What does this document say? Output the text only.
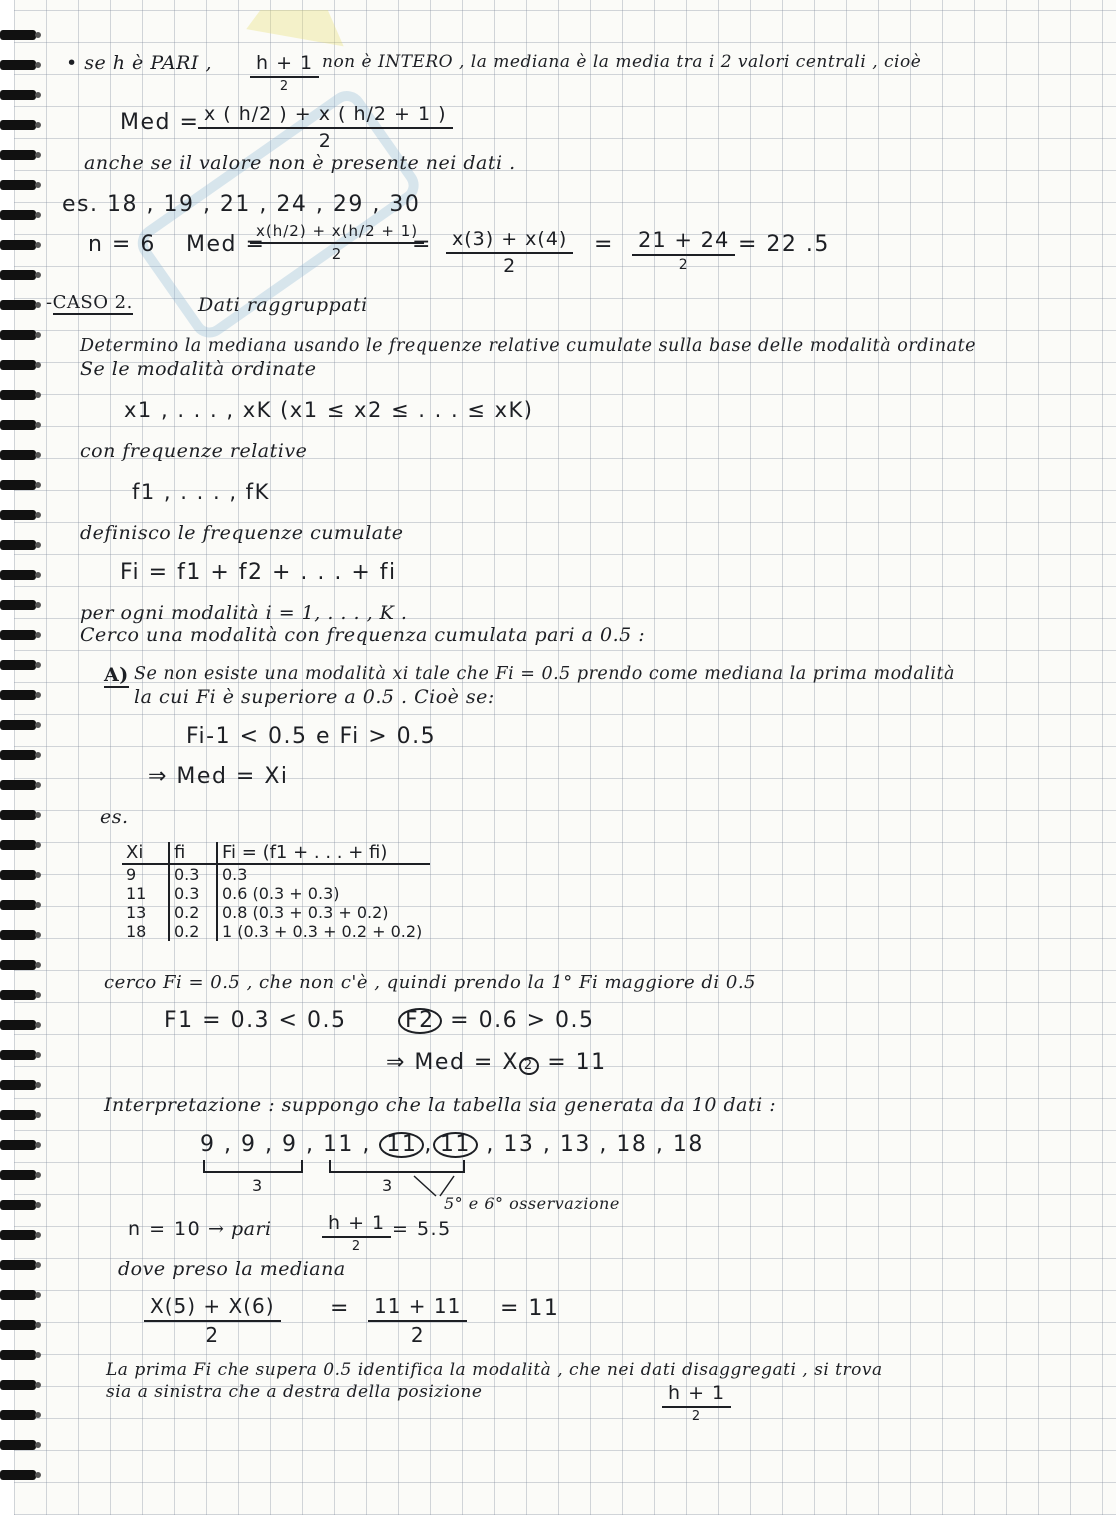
• se h è PARI ,	h + 1
2
non è INTERO , la mediana è la media tra i 2 valori centrali , cioè
Med =
$\frac{x ( h/2 ) + x ( h/2 + 1 )}{2}$
anche se il valore non è presente nei dati .
es. 18 , 19 , 21 , 24 , 29 , 30
n = 6 Med =
$\frac{x(h/2) + x(h/2 + 1)}{2}$
= $\frac{x(3) + x(4)}{2} = 21 + 24$
2
= 22 .5
-CASO 2.	Dati raggruppati
Determino la mediana usando le frequenze relative cumulate sulla base delle modalità ordinate
Se le modalità ordinate
x1 , . . . , xK (x1 ≤ x2 ≤ . . . ≤ xK)
con frequenze relative
f1 , . . . , fK
definisco le frequenze cumulate
Fi = f1 + f2 + . . . + fi
per ogni modalità i = 1, . . . , K .
Cerco una modalità con frequenza cumulata pari a 0.5 :
A) Se non esiste una modalità xi tale che Fi = 0.5 prendo come mediana la prima modalità
la cui Fi è superiore a 0.5 . Cioè se:
Fi-1 < 0.5 e Fi > 0.5
⇒ Med = Xi
es.
Xi	fi	Fi = (f1 + . . . + fi)
9	0.3	0.3
11	0.3	0.6 (0.3 + 0.3)
13	0.2	0.8 (0.3 + 0.3 + 0.2)
18	0.2	1 (0.3 + 0.3 + 0.2 + 0.2)
cerco Fi = 0.5 , che non c'è , quindi prendo la 1° Fi maggiore di 0.5
F1 = 0.3 < 0.5	F2 = 0.6 > 0.5
⇒ Med = X 2 = 11
Interpretazione : suppongo che la tabella sia generata da 10 dati :
9 , 9 , 9 , 11 , 11 , 11 , 13 , 13 , 18 , 18
3	3
5° e 6° osservazione
n = 10 → pari	h + 1
2
= 5.5
dove preso la mediana
$\frac{X(5) + X(6)}{2} = \frac{11 + 11}{2} = 11$
La prima Fi che supera 0.5 identifica la modalità , che nei dati disaggregati , si trova
sia a sinistra che a destra della posizione	h + 1
2
